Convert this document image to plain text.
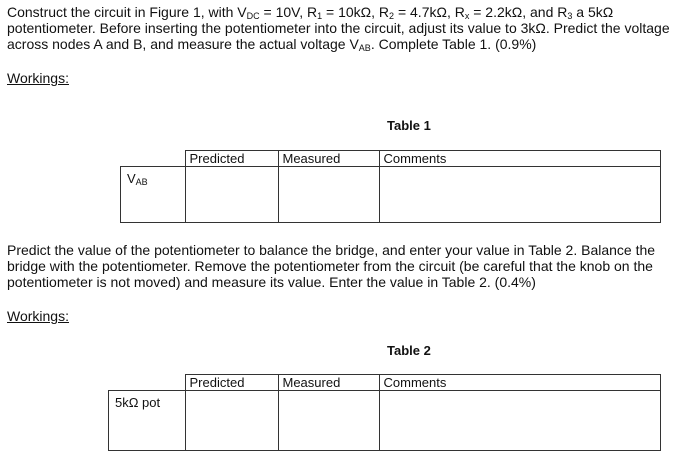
Construct the circuit in Figure 1, with $V_{DC} = 10V$, $R_1 = 10k\Omega$, $R_2 = 4.7k\Omega$, $R_x = 2.2k\Omega$, and $R_3$ a 5kΩ

potentiometer. Before inserting the potentiometer into the circuit, adjust its value to 3kΩ. Predict the voltage

across nodes A and B, and measure the actual voltage $V_{AB}$. Complete Table 1. (0.9%)

Workings:
Table 1
	Predicted	Measured	Comments
$V_{AB}$			

Predict the value of the potentiometer to balance the bridge, and enter your value in Table 2. Balance the

bridge with the potentiometer. Remove the potentiometer from the circuit (be careful that the knob on the

potentiometer is not moved) and measure its value. Enter the value in Table 2. (0.4%)

Workings:
Table 2
	Predicted	Measured	Comments
5kΩ pot			
